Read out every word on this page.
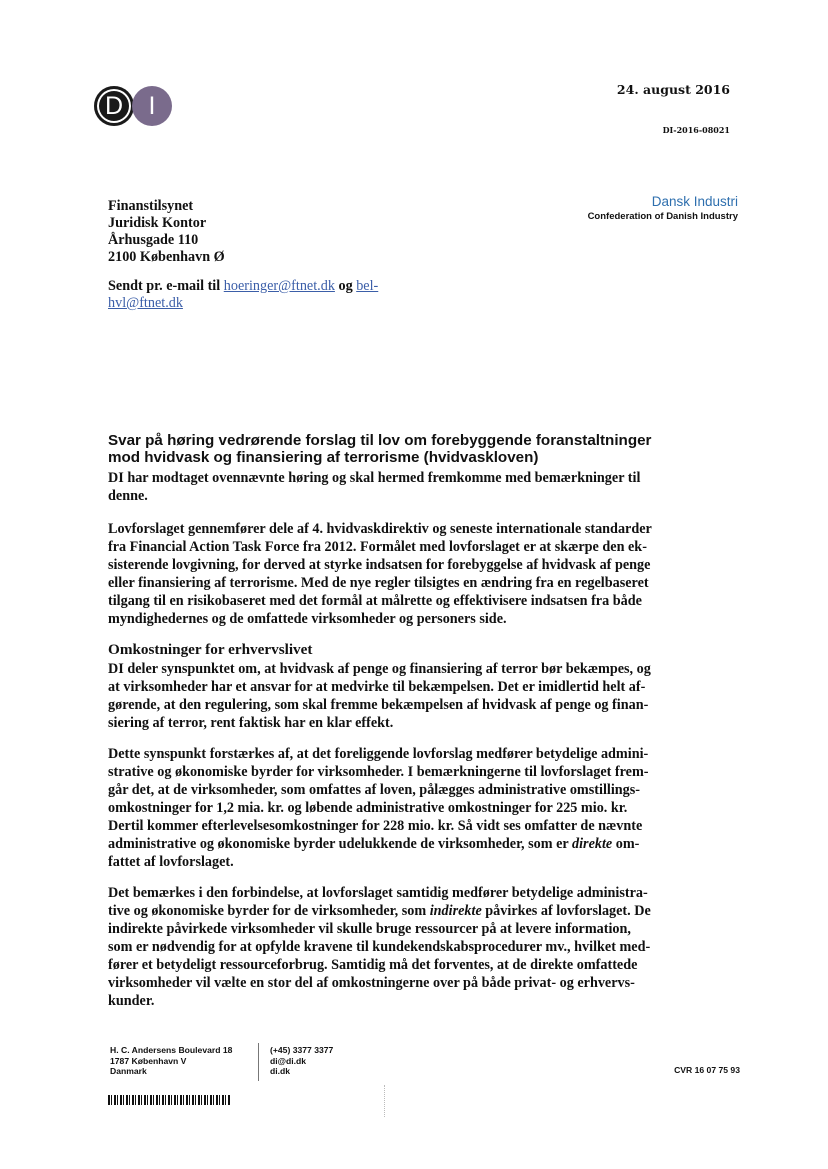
D	I
24. august 2016
DI-2016-08021
Finanstilsynet
Juridisk Kontor
Århusgade 110
2100 København Ø
Dansk Industri
Confederation of Danish Industry
Sendt pr. e-mail til hoeringer@ftnet.dk og bel-
hvl@ftnet.dk
Svar på høring vedrørende forslag til lov om forebyggende foranstaltninger
mod hvidvask og finansiering af terrorisme (hvidvaskloven)
DI har modtaget ovennævnte høring og skal hermed fremkomme med bemærkninger til
denne.
Lovforslaget gennemfører dele af 4. hvidvaskdirektiv og seneste internationale standarder
fra Financial Action Task Force fra 2012. Formålet med lovforslaget er at skærpe den ek-
sisterende lovgivning, for derved at styrke indsatsen for forebyggelse af hvidvask af penge
eller finansiering af terrorisme. Med de nye regler tilsigtes en ændring fra en regelbaseret
tilgang til en risikobaseret med det formål at målrette og effektivisere indsatsen fra både
myndighedernes og de omfattede virksomheder og personers side.
Omkostninger for erhvervslivet
DI deler synspunktet om, at hvidvask af penge og finansiering af terror bør bekæmpes, og
at virksomheder har et ansvar for at medvirke til bekæmpelsen. Det er imidlertid helt af-
gørende, at den regulering, som skal fremme bekæmpelsen af hvidvask af penge og finan-
siering af terror, rent faktisk har en klar effekt.
Dette synspunkt forstærkes af, at det foreliggende lovforslag medfører betydelige admini-
strative og økonomiske byrder for virksomheder. I bemærkningerne til lovforslaget frem-
går det, at de virksomheder, som omfattes af loven, pålægges administrative omstillings-
omkostninger for 1,2 mia. kr. og løbende administrative omkostninger for 225 mio. kr.
Dertil kommer efterlevelsesomkostninger for 228 mio. kr. Så vidt ses omfatter de nævnte
administrative og økonomiske byrder udelukkende de virksomheder, som er direkte om-
fattet af lovforslaget.
Det bemærkes i den forbindelse, at lovforslaget samtidig medfører betydelige administra-
tive og økonomiske byrder for de virksomheder, som indirekte påvirkes af lovforslaget. De
indirekte påvirkede virksomheder vil skulle bruge ressourcer på at levere information,
som er nødvendig for at opfylde kravene til kundekendskabsprocedurer mv., hvilket med-
fører et betydeligt ressourceforbrug. Samtidig må det forventes, at de direkte omfattede
virksomheder vil vælte en stor del af omkostningerne over på både privat- og erhvervs-
kunder.
H. C. Andersens Boulevard 18
1787 København V
Danmark
(+45) 3377 3377
di@di.dk
di.dk	CVR 16 07 75 93
